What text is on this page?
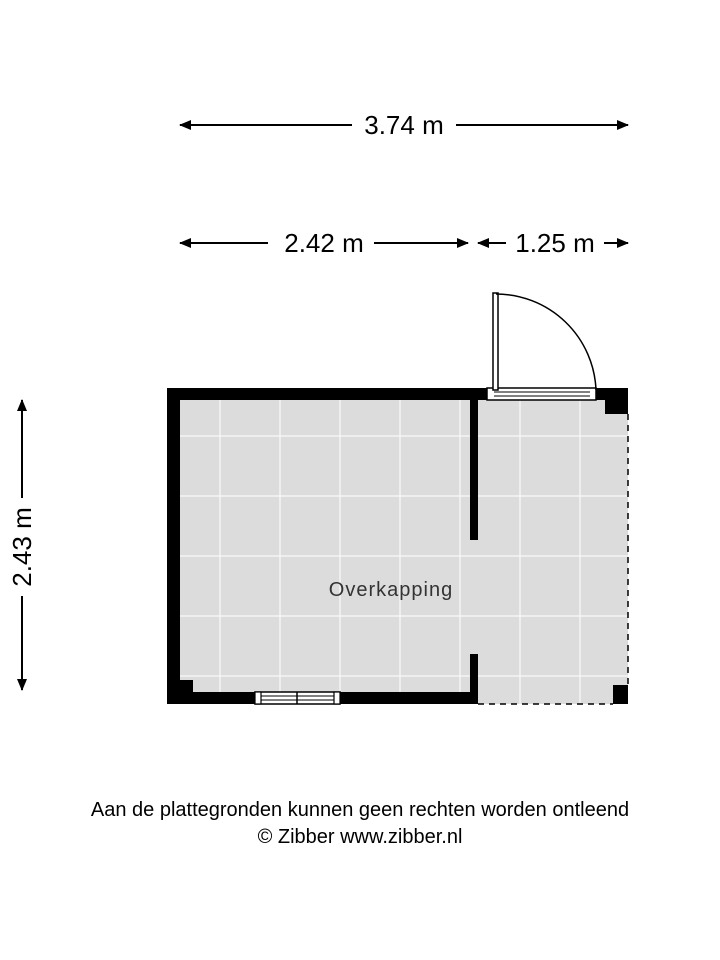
3.74 m
2.42 m	1.25 m
2.43 m
Overkapping
Aan de plattegronden kunnen geen rechten worden ontleend
© Zibber www.zibber.nl
